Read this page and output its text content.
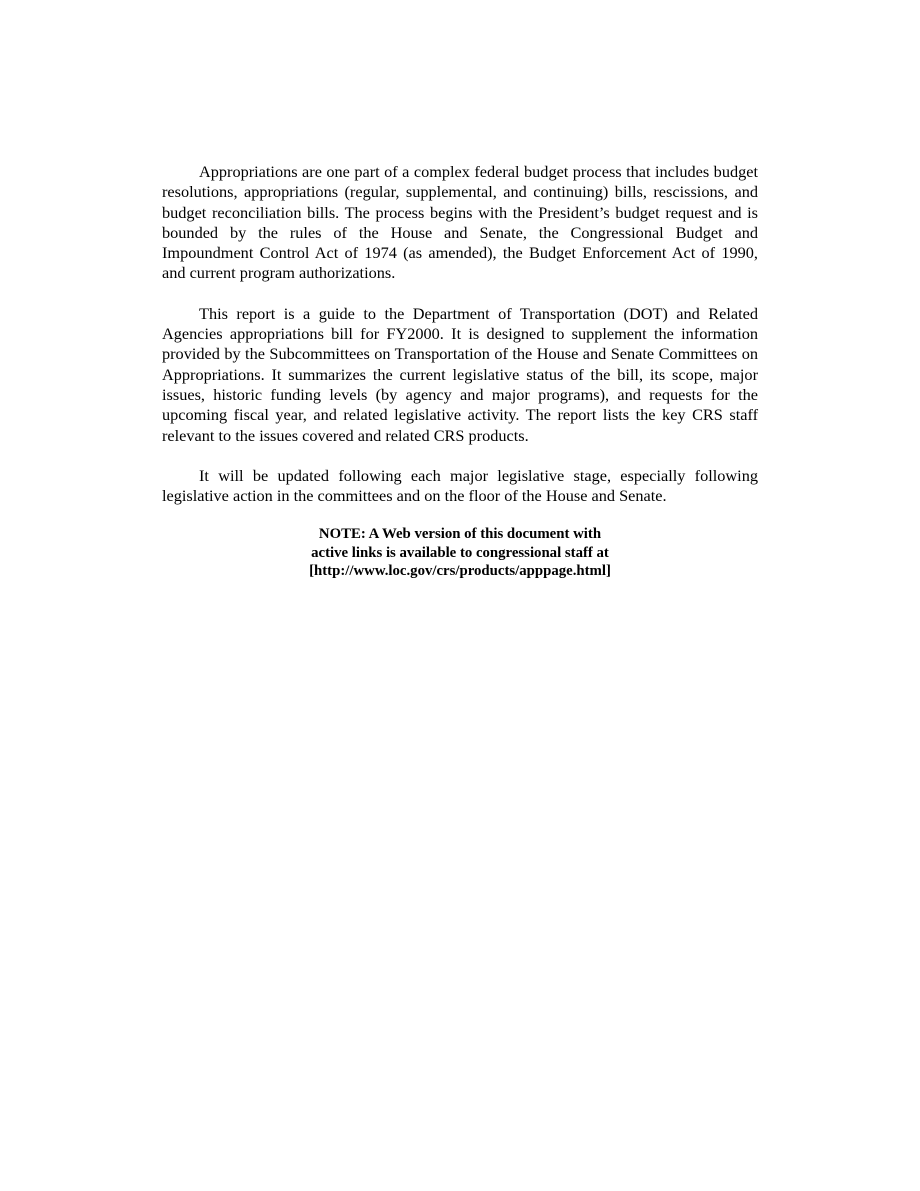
Appropriations are one part of a complex federal budget process that includes budget resolutions, appropriations (regular, supplemental, and continuing) bills, rescissions, and budget reconciliation bills. The process begins with the President’s budget request and is bounded by the rules of the House and Senate, the Congressional Budget and Impoundment Control Act of 1974 (as amended), the Budget Enforcement Act of 1990, and current program authorizations.

This report is a guide to the Department of Transportation (DOT) and Related Agencies appropriations bill for FY2000. It is designed to supplement the information provided by the Subcommittees on Transportation of the House and Senate Committees on Appropriations. It summarizes the current legislative status of the bill, its scope, major issues, historic funding levels (by agency and major programs), and requests for the upcoming fiscal year, and related legislative activity. The report lists the key CRS staff relevant to the issues covered and related CRS products.

It will be updated following each major legislative stage, especially following legislative action in the committees and on the floor of the House and Senate.

NOTE: A Web version of this document with
active links is available to congressional staff at
[http://www.loc.gov/crs/products/apppage.html]
